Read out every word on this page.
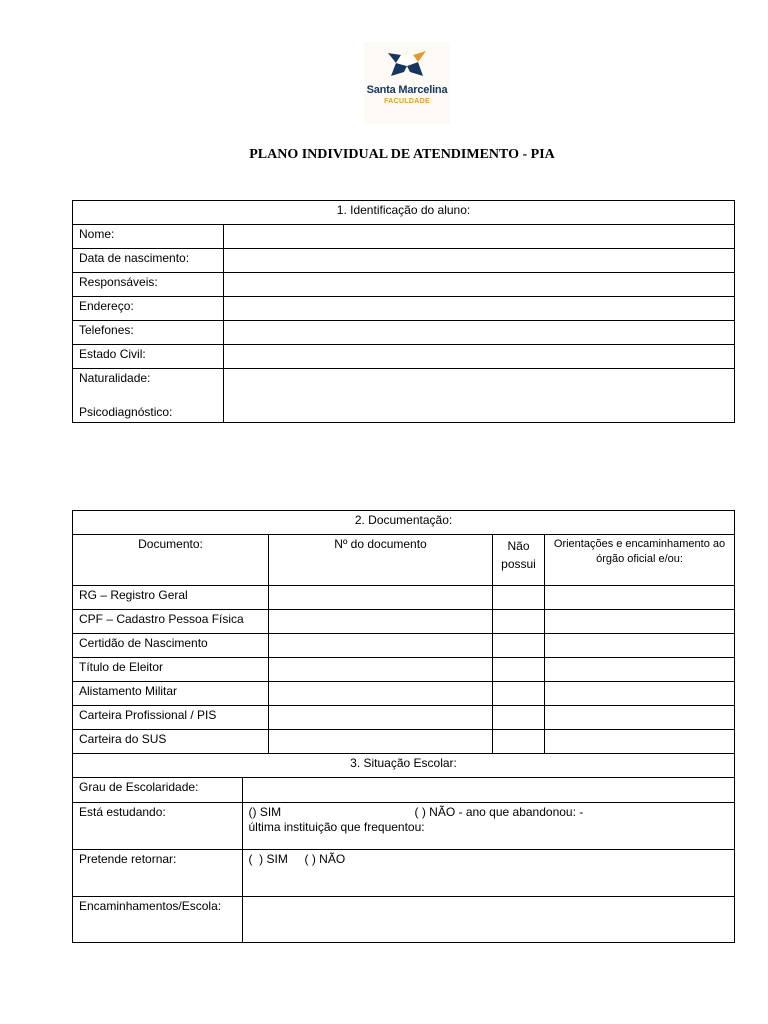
Santa Marcelina
FACULDADE
PLANO INDIVIDUAL DE ATENDIMENTO - PIA
1. Identificação do aluno:	
Nome:	
Data de nascimento:	
Responsáveis:	
Endereço:	
Telefones:	
Estado Civil:	

Naturalidade:
Psicodiagnóstico:	

2. Documentação:
Documento:	Nº do documento	Não possui	Orientações e encaminhamento ao órgão oficial e/ou:
RG – Registro Geral			
CPF – Cadastro Pessoa Física			
Certidão de Nascimento			
Título de Eleitor			
Alistamento Militar			
Carteira Profissional / PIS			
Carteira do SUS			
3. Situação Escolar:

Grau de Escolaridade:	
Está estudando:	() SIM	( ) NÃO - ano que abandonou: -
última instituição que frequentou:

Pretende retornar:	(  ) SIM     ( ) NÃO
Encaminhamentos/Escola:	
